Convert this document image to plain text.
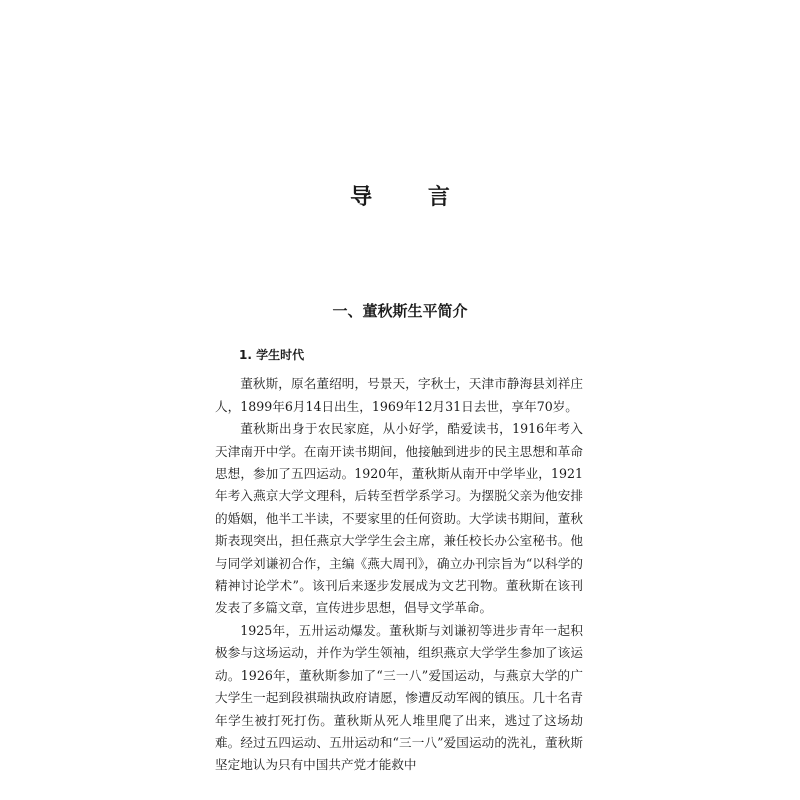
导 言
一、董秋斯生平简介

1. 学生时代

董秋斯，原名董绍明，号景天，字秋士，天津市静海县刘祥庄人，1899年6月14日出生，1969年12月31日去世，享年70岁。

董秋斯出身于农民家庭，从小好学，酷爱读书，1916年考入天津南开中学。在南开读书期间，他接触到进步的民主思想和革命思想，参加了五四运动。1920年，董秋斯从南开中学毕业，1921年考入燕京大学文理科，后转至哲学系学习。为摆脱父亲为他安排的婚姻，他半工半读，不要家里的任何资助。大学读书期间，董秋斯表现突出，担任燕京大学学生会主席，兼任校长办公室秘书。他与同学刘谦初合作，主编《燕大周刊》，确立办刊宗旨为“以科学的精神讨论学术”。该刊后来逐步发展成为文艺刊物。董秋斯在该刊发表了多篇文章，宣传进步思想，倡导文学革命。

1925年，五卅运动爆发。董秋斯与刘谦初等进步青年一起积极参与这场运动，并作为学生领袖，组织燕京大学学生参加了该运动。1926年，董秋斯参加了“三一八”爱国运动，与燕京大学的广大学生一起到段祺瑞执政府请愿，惨遭反动军阀的镇压。几十名青年学生被打死打伤。董秋斯从死人堆里爬了出来，逃过了这场劫难。经过五四运动、五卅运动和“三一八”爱国运动的洗礼，董秋斯坚定地认为只有中国共产党才能救中
